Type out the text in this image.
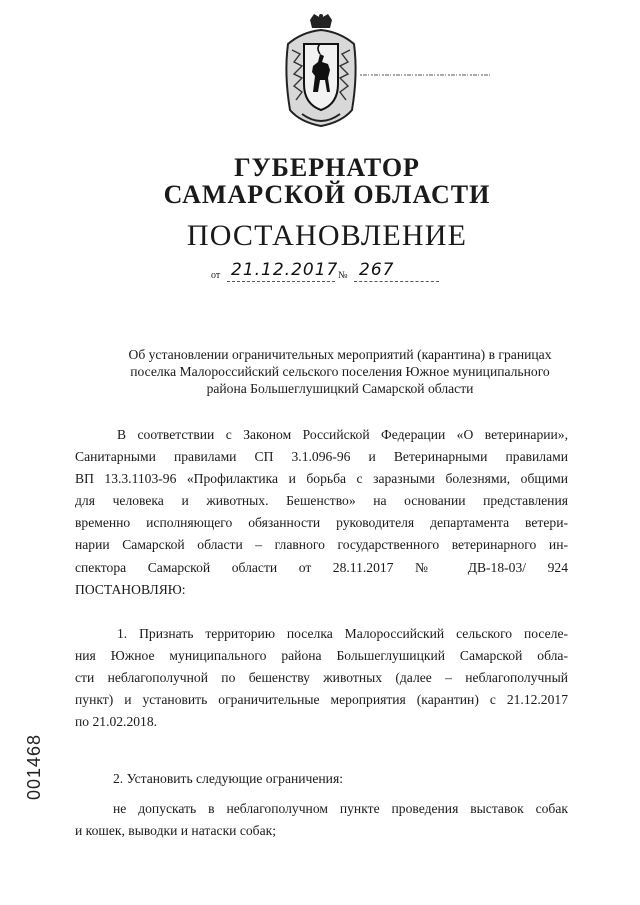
ГУБЕРНАТОР
САМАРСКОЙ ОБЛАСТИ
ПОСТАНОВЛЕНИЕ
от 21.12.2017 № 267
Об установлении ограничительных мероприятий (карантина) в границах
поселка Малороссийский сельского поселения Южное муниципального
района Большеглушицкий Самарской области
В соответствии с Законом Российской Федерации «О ветеринарии»,
Санитарными правилами СП 3.1.096-96 и Ветеринарными правилами
ВП 13.3.1103-96 «Профилактика и борьба с заразными болезнями, общими
для человека и животных. Бешенство» на основании представления
временно исполняющего обязанности руководителя департамента ветери-
нарии Самарской области – главного государственного ветеринарного ин-
спектора Самарской области от 28.11.2017 № ДВ-18-03/ 924
ПОСТАНОВЛЯЮ:
1. Признать территорию поселка Малороссийский сельского поселе-
ния Южное муниципального района Большеглушицкий Самарской обла-
сти неблагополучной по бешенству животных (далее – неблагополучный
пункт) и установить ограничительные мероприятия (карантин) с 21.12.2017
по 21.02.2018.
2. Установить следующие ограничения:
не допускать в неблагополучном пункте проведения выставок собак
и кошек, выводки и натаски собак;
001468
